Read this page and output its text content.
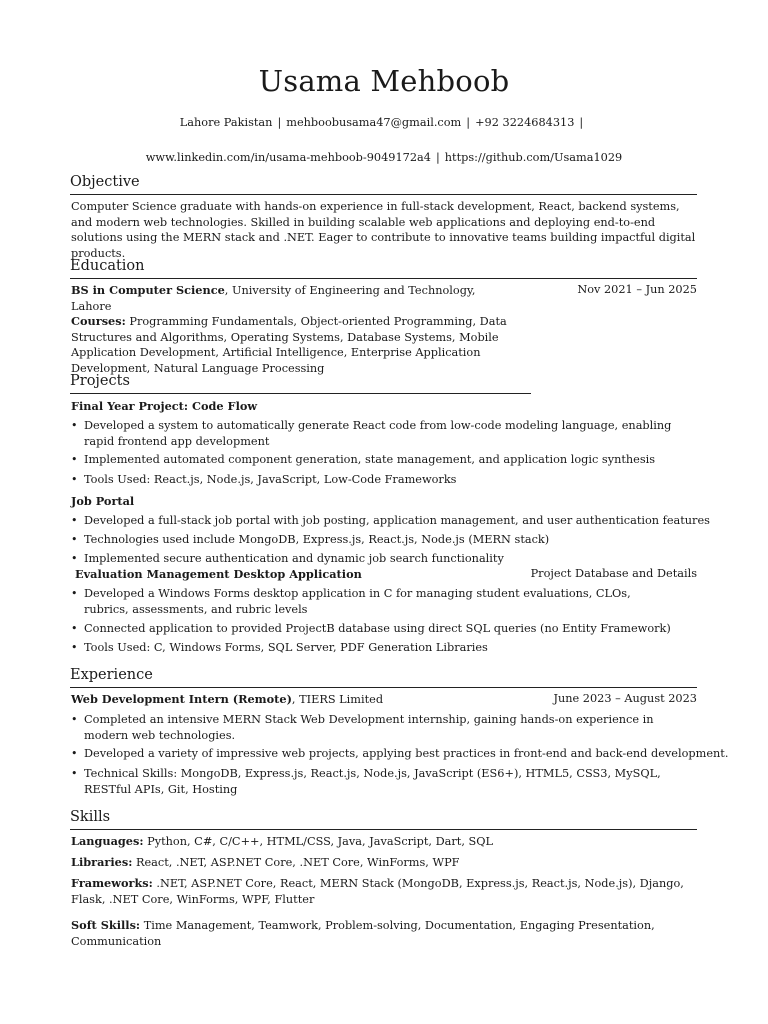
Usama Mehboob
Lahore Pakistan | mehboobusama47@gmail.com | +92 3224684313 |
www.linkedin.com/in/usama-mehboob-9049172a4 | https://github.com/Usama1029
Objective
Computer Science graduate with hands-on experience in full-stack development, React, backend systems, and modern web technologies. Skilled in building scalable web applications and deploying end-to-end solutions using the MERN stack and .NET. Eager to contribute to innovative teams building impactful digital products.
Education
BS in Computer Science, University of Engineering and Technology, Lahore
Courses: Programming Fundamentals, Object-oriented Programming, Data Structures and Algorithms, Operating Systems, Database Systems, Mobile Application Development, Artificial Intelligence, Enterprise Application Development, Natural Language Processing
Nov 2021 – Jun 2025
Projects
Final Year Project: Code Flow
• Developed a system to automatically generate React code from low-code modeling language, enabling rapid frontend app development
• Implemented automated component generation, state management, and application logic synthesis
• Tools Used: React.js, Node.js, JavaScript, Low-Code Frameworks
Job Portal
• Developed a full-stack job portal with job posting, application management, and user authentication features
• Technologies used include MongoDB, Express.js, React.js, Node.js (MERN stack)
• Implemented secure authentication and dynamic job search functionality
Evaluation Management Desktop Application	Project Database and Details
• Developed a Windows Forms desktop application in C for managing student evaluations, CLOs, rubrics, assessments, and rubric levels
• Connected application to provided ProjectB database using direct SQL queries (no Entity Framework)
• Tools Used: C, Windows Forms, SQL Server, PDF Generation Libraries
Experience
Web Development Intern (Remote), TIERS Limited	June 2023 – August 2023
• Completed an intensive MERN Stack Web Development internship, gaining hands-on experience in modern web technologies.
• Developed a variety of impressive web projects, applying best practices in front-end and back-end development.
• Technical Skills: MongoDB, Express.js, React.js, Node.js, JavaScript (ES6+), HTML5, CSS3, MySQL, RESTful APIs, Git, Hosting
Skills
Languages: Python, C#, C/C++, HTML/CSS, Java, JavaScript, Dart, SQL
Libraries: React, .NET, ASP.NET Core, .NET Core, WinForms, WPF
Frameworks: .NET, ASP.NET Core, React, MERN Stack (MongoDB, Express.js, React.js, Node.js), Django, Flask, .NET Core, WinForms, WPF, Flutter
Soft Skills: Time Management, Teamwork, Problem-solving, Documentation, Engaging Presentation, Communication
